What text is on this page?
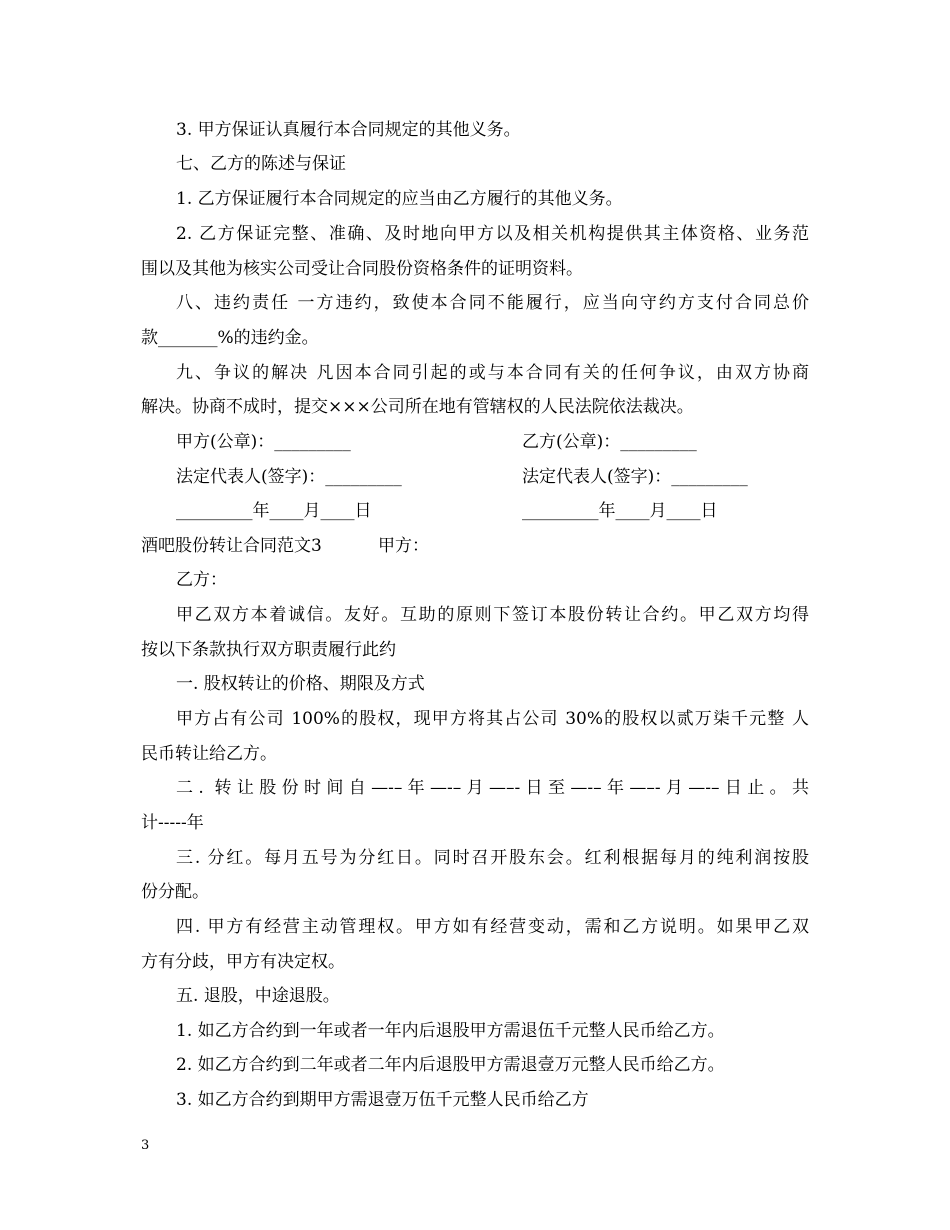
3. 甲方保证认真履行本合同规定的其他义务。
七、乙方的陈述与保证
1. 乙方保证履行本合同规定的应当由乙方履行的其他义务。
2. 乙方保证完整、准确、及时地向甲方以及相关机构提供其主体资格、业务范
围以及其他为核实公司受让合同股份资格条件的证明资料。
八、违约责任 一方违约，致使本合同不能履行，应当向守约方支付合同总价
款_______%的违约金。
九、争议的解决 凡因本合同引起的或与本合同有关的任何争议，由双方协商
解决。协商不成时，提交×××公司所在地有管辖权的人民法院依法裁决。
甲方(公章)：_________	乙方(公章)：_________
法定代表人(签字)：_________	法定代表人(签字)：_________
_________年____月____日	_________年____月____日
酒吧股份转让合同范文3	甲方：
乙方：
甲乙双方本着诚信。友好。互助的原则下签订本股份转让合约。甲乙双方均得
按以下条款执行双方职责履行此约
一. 股权转让的价格、期限及方式
甲方占有公司 100%的股权，现甲方将其占公司 30%的股权以贰万柒千元整 人
民币转让给乙方。
二. 转让股份时间自—-–年—-–月—–-日至—-–年—–-月—-–日止。共
计-----年
三. 分红。每月五号为分红日。同时召开股东会。红利根据每月的纯利润按股
份分配。
四. 甲方有经营主动管理权。甲方如有经营变动，需和乙方说明。如果甲乙双
方有分歧，甲方有决定权。
五. 退股，中途退股。
1. 如乙方合约到一年或者一年内后退股甲方需退伍千元整人民币给乙方。
2. 如乙方合约到二年或者二年内后退股甲方需退壹万元整人民币给乙方。
3. 如乙方合约到期甲方需退壹万伍千元整人民币给乙方
3
